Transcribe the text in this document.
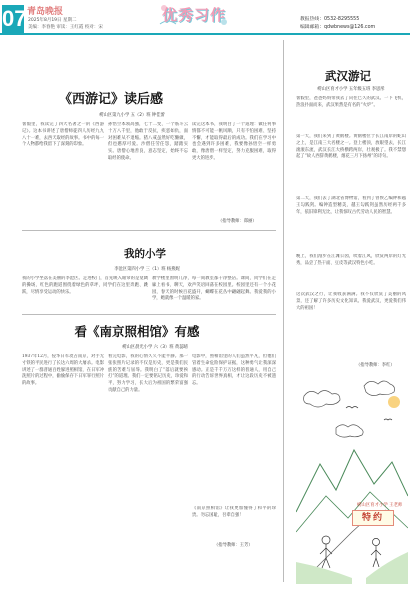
07 青岛晚报
2025年8月19日 星期二
美编：李春艳 审读：王红霞 校对：宋
优秀习作	教报热线：0532-8295555
编辑邮箱：qdwbnews@126.com
《西游记》读后感
崂山区第九小学 五（2）班 钟佳蕾
暑假里，我读完了四大名著之一的《西游记》。这本书讲述了唐僧师徒四人历经九九八十一难，去西天取经的故事。书中的每一个人物都给我留下了深刻的印象。
孙悟空本领高强，七十二变、一个筋斗云十万八千里，他敢于反抗，疾恶如仇，面对困难从不退缩。猪八戒虽然好吃懒做，但也憨厚可爱。沙僧任劳任怨，踏踏实实。唐僧心地善良，意志坚定，始终不忘取经的使命。
读完这本书，我明白了一个道理：做任何事情都不可能一帆风顺，只有不怕困难、坚持不懈，才能取得最后的成功。我们在学习中也会遇到许多困难，我要像孙悟空一样勇敢，像唐僧一样坚定，努力克服困难，取得更大的进步。
（指导教师：郑丽）
我的小学
李沧区第四小学 三（1）班 杨燕妮
我的小学坐落在美丽的李沧区。走进校门，首先映入眼帘的是宽阔的操场，红色的跑道围绕着绿色的草坪，同学们在这里奔跑、跳跃，尽情享受运动的快乐。
教学楼里窗明几净，每一间教室都干净整洁。课间，同学们在走廊上看书、聊天，欢声笑语回荡在校园里。校园里还有一个小花园，春天的时候百花盛开，蝴蝶在花丛中翩翩起舞。我爱我的小学，她就像一个温暖的家。
看《南京照相馆》有感
崂山区晨光小学 六（3）班 黄蕊晴
1937年12月，侵华日军攻占南京，对手无寸铁的平民进行了长达六周的大屠杀。电影讲述了一群普通百姓躲进照相馆，在日军冲洗照片的过程中，偷偷保存下日军罪行照片的故事。
看完电影，我的心情久久不能平静。那一张张照片记录的不仅是历史，更是我们民族的苦难与屈辱。我明白了“落后就要挨打”的道理。我们一定要铭记历史，珍爱和平，努力学习，长大后为祖国的繁荣富强贡献自己的力量。
电影中，照相馆里的人们虽然平凡，但他们冒着生命危险保护证据，这种勇气让我深深感动。正是千千万万这样的普通人，用自己的行动告诉世界真相，才让这段历史不被遗忘。
《南京照相馆》让我更加懂得了和平的珍贵。勿忘国耻，吾辈自强！
（指导教师：王芳）
武汉游记
崂山区育才小学 五年级五班 李思彤
暑假里，爸爸妈妈带我去了向往已久的武汉。一下飞机，热浪扑面而来，武汉果然是有名的“火炉”。
第一天，我们来到了黄鹤楼。黄鹤楼位于长江南岸的蛇山之上，是江南三大名楼之一。登上楼顶，放眼望去，长江滚滚东流，武汉长江大桥横跨两岸，壮观极了。我不禁想起了“故人西辞黄鹤楼，烟花三月下扬州”的诗句。
第二天，我们去了湖北省博物馆，看到了曾侯乙编钟和越王勾践剑。编钟造型精美，越王勾践剑虽然历经两千多年，依旧锋利无比，让我惊叹古代劳动人民的智慧。
晚上，我们漫步在江滩公园，吹着江风，欣赏两岸的灯光秀，品尝了热干面、豆皮等武汉特色小吃。
这次武汉之行，让我收获满满。我不仅欣赏了美丽的风景，还了解了许多历史文化知识。我爱武汉，更爱我们伟大的祖国！
（指导教师：李红）
崂山区育才小学 王老师
特约
